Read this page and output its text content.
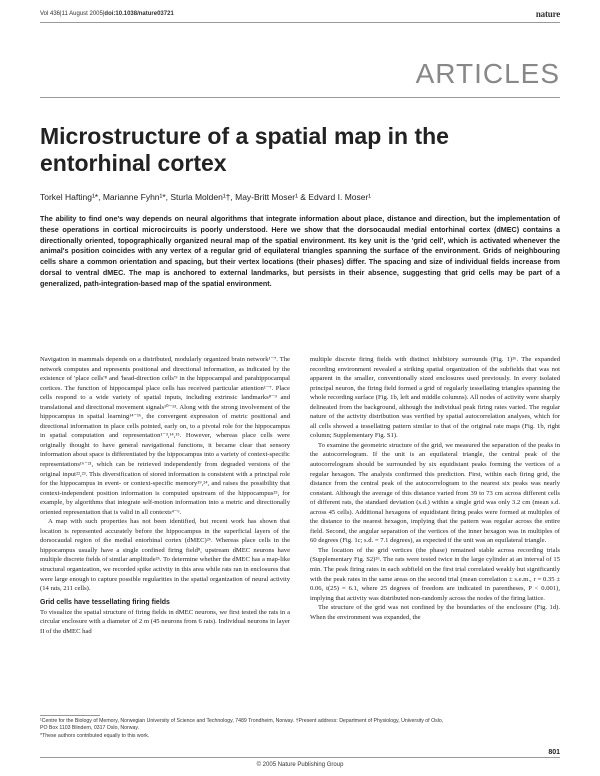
Vol 436|11 August 2005|doi:10.1038/nature03721	nature
ARTICLES
Microstructure of a spatial map in the entorhinal cortex
Torkel Hafting¹*, Marianne Fyhn¹*, Sturla Molden¹†, May-Britt Moser¹ & Edvard I. Moser¹
The ability to find one's way depends on neural algorithms that integrate information about place, distance and direction, but the implementation of these operations in cortical microcircuits is poorly understood. Here we show that the dorsocaudal medial entorhinal cortex (dMEC) contains a directionally oriented, topographically organized neural map of the spatial environment. Its key unit is the 'grid cell', which is activated whenever the animal's position coincides with any vertex of a regular grid of equilateral triangles spanning the surface of the environment. Grids of neighbouring cells share a common orientation and spacing, but their vertex locations (their phases) differ. The spacing and size of individual fields increase from dorsal to ventral dMEC. The map is anchored to external landmarks, but persists in their absence, suggesting that grid cells may be part of a generalized, path-integration-based map of the spatial environment.

Navigation in mammals depends on a distributed, modularly organized brain network¹⁻⁷. The network computes and represents positional and directional information, as indicated by the existence of 'place cells'⁸ and 'head-direction cells'⁹ in the hippocampal and parahippocampal cortices. The function of hippocampal place cells has received particular attention¹⁻⁷. Place cells respond to a wide variety of spatial inputs, including extrinsic landmarks⁸⁻⁹ and translational and directional movement signals¹⁰⁻¹³. Along with the strong involvement of the hippocampus in spatial learning¹⁴⁻¹⁶, the convergent expression of metric positional and directional information in place cells pointed, early on, to a pivotal role for the hippocampus in spatial computation and representation¹⁻³,¹⁴,¹⁵. However, whereas place cells were originally thought to have general navigational functions, it became clear that sensory information about space is differentiated by the hippocampus into a variety of context-specific representations¹⁶⁻²¹, which can be retrieved independently from degraded versions of the original input²²,²³. This diversification of stored information is consistent with a principal role for the hippocampus in event- or context-specific memory¹⁹,²⁴, and raises the possibility that context-independent position information is computed upstream of the hippocampus²⁵, for example, by algorithms that integrate self-motion information into a metric and directionally oriented representation that is valid in all contexts⁴⁻⁶.

A map with such properties has not been identified, but recent work has shown that location is represented accurately before the hippocampus in the superficial layers of the dorsocaudal region of the medial entorhinal cortex (dMEC)²⁶. Whereas place cells in the hippocampus usually have a single confined firing field⁸, upstream dMEC neurons have multiple discrete fields of similar amplitude²⁶. To determine whether the dMEC has a map-like structural organization, we recorded spike activity in this area while rats ran in enclosures that were large enough to capture possible regularities in the spatial organization of neural activity (14 rats, 211 cells).

Grid cells have tessellating firing fields

To visualize the spatial structure of firing fields in dMEC neurons, we first tested the rats in a circular enclosure with a diameter of 2 m (45 neurons from 6 rats). Individual neurons in layer II of the dMEC had

multiple discrete firing fields with distinct inhibitory surrounds (Fig. 1)²⁶. The expanded recording environment revealed a striking spatial organization of the subfields that was not apparent in the smaller, conventionally sized enclosures used previously. In every isolated principal neuron, the firing field formed a grid of regularly tessellating triangles spanning the whole recording surface (Fig. 1b, left and middle columns). All nodes of activity were sharply delineated from the background, although the individual peak firing rates varied. The regular nature of the activity distribution was verified by spatial autocorrelation analyses, which for all cells showed a tessellating pattern similar to that of the original rate maps (Fig. 1b, right column; Supplementary Fig. S1).

To examine the geometric structure of the grid, we measured the separation of the peaks in the autocorrelogram. If the unit is an equilateral triangle, the central peak of the autocorrelogram should be surrounded by six equidistant peaks forming the vertices of a regular hexagon. The analysis confirmed this prediction. First, within each firing grid, the distance from the central peak of the autocorrelogram to the nearest six peaks was nearly constant. Although the average of this distance varied from 39 to 73 cm across different cells of different rats, the standard deviation (s.d.) within a single grid was only 3.2 cm (mean s.d. across 45 cells). Additional hexagons of equidistant firing peaks were formed at multiples of the distance to the nearest hexagon, implying that the pattern was regular across the entire field. Second, the angular separation of the vertices of the inner hexagon was in multiples of 60 degrees (Fig. 1c; s.d. = 7.1 degrees), as expected if the unit was an equilateral triangle.

The location of the grid vertices (the phase) remained stable across recording trials (Supplementary Fig. S2)²⁶. The rats were tested twice in the large cylinder at an interval of 15 min. The peak firing rates in each subfield on the first trial correlated weakly but significantly with the peak rates in the same areas on the second trial (mean correlation ± s.e.m., r = 0.35 ± 0.06, t(25) = 6.1, where 25 degrees of freedom are indicated in parentheses, P < 0.001), implying that activity was distributed non-randomly across the nodes of the firing lattice.

The structure of the grid was not confined by the boundaries of the enclosure (Fig. 1d). When the environment was expanded, the

¹Centre for the Biology of Memory, Norwegian University of Science and Technology, 7489 Trondheim, Norway. †Present address: Department of Physiology, University of Oslo,
PO Box 1103 Blindern, 0317 Oslo, Norway.
*These authors contributed equally to this work.
801
© 2005 Nature Publishing Group
